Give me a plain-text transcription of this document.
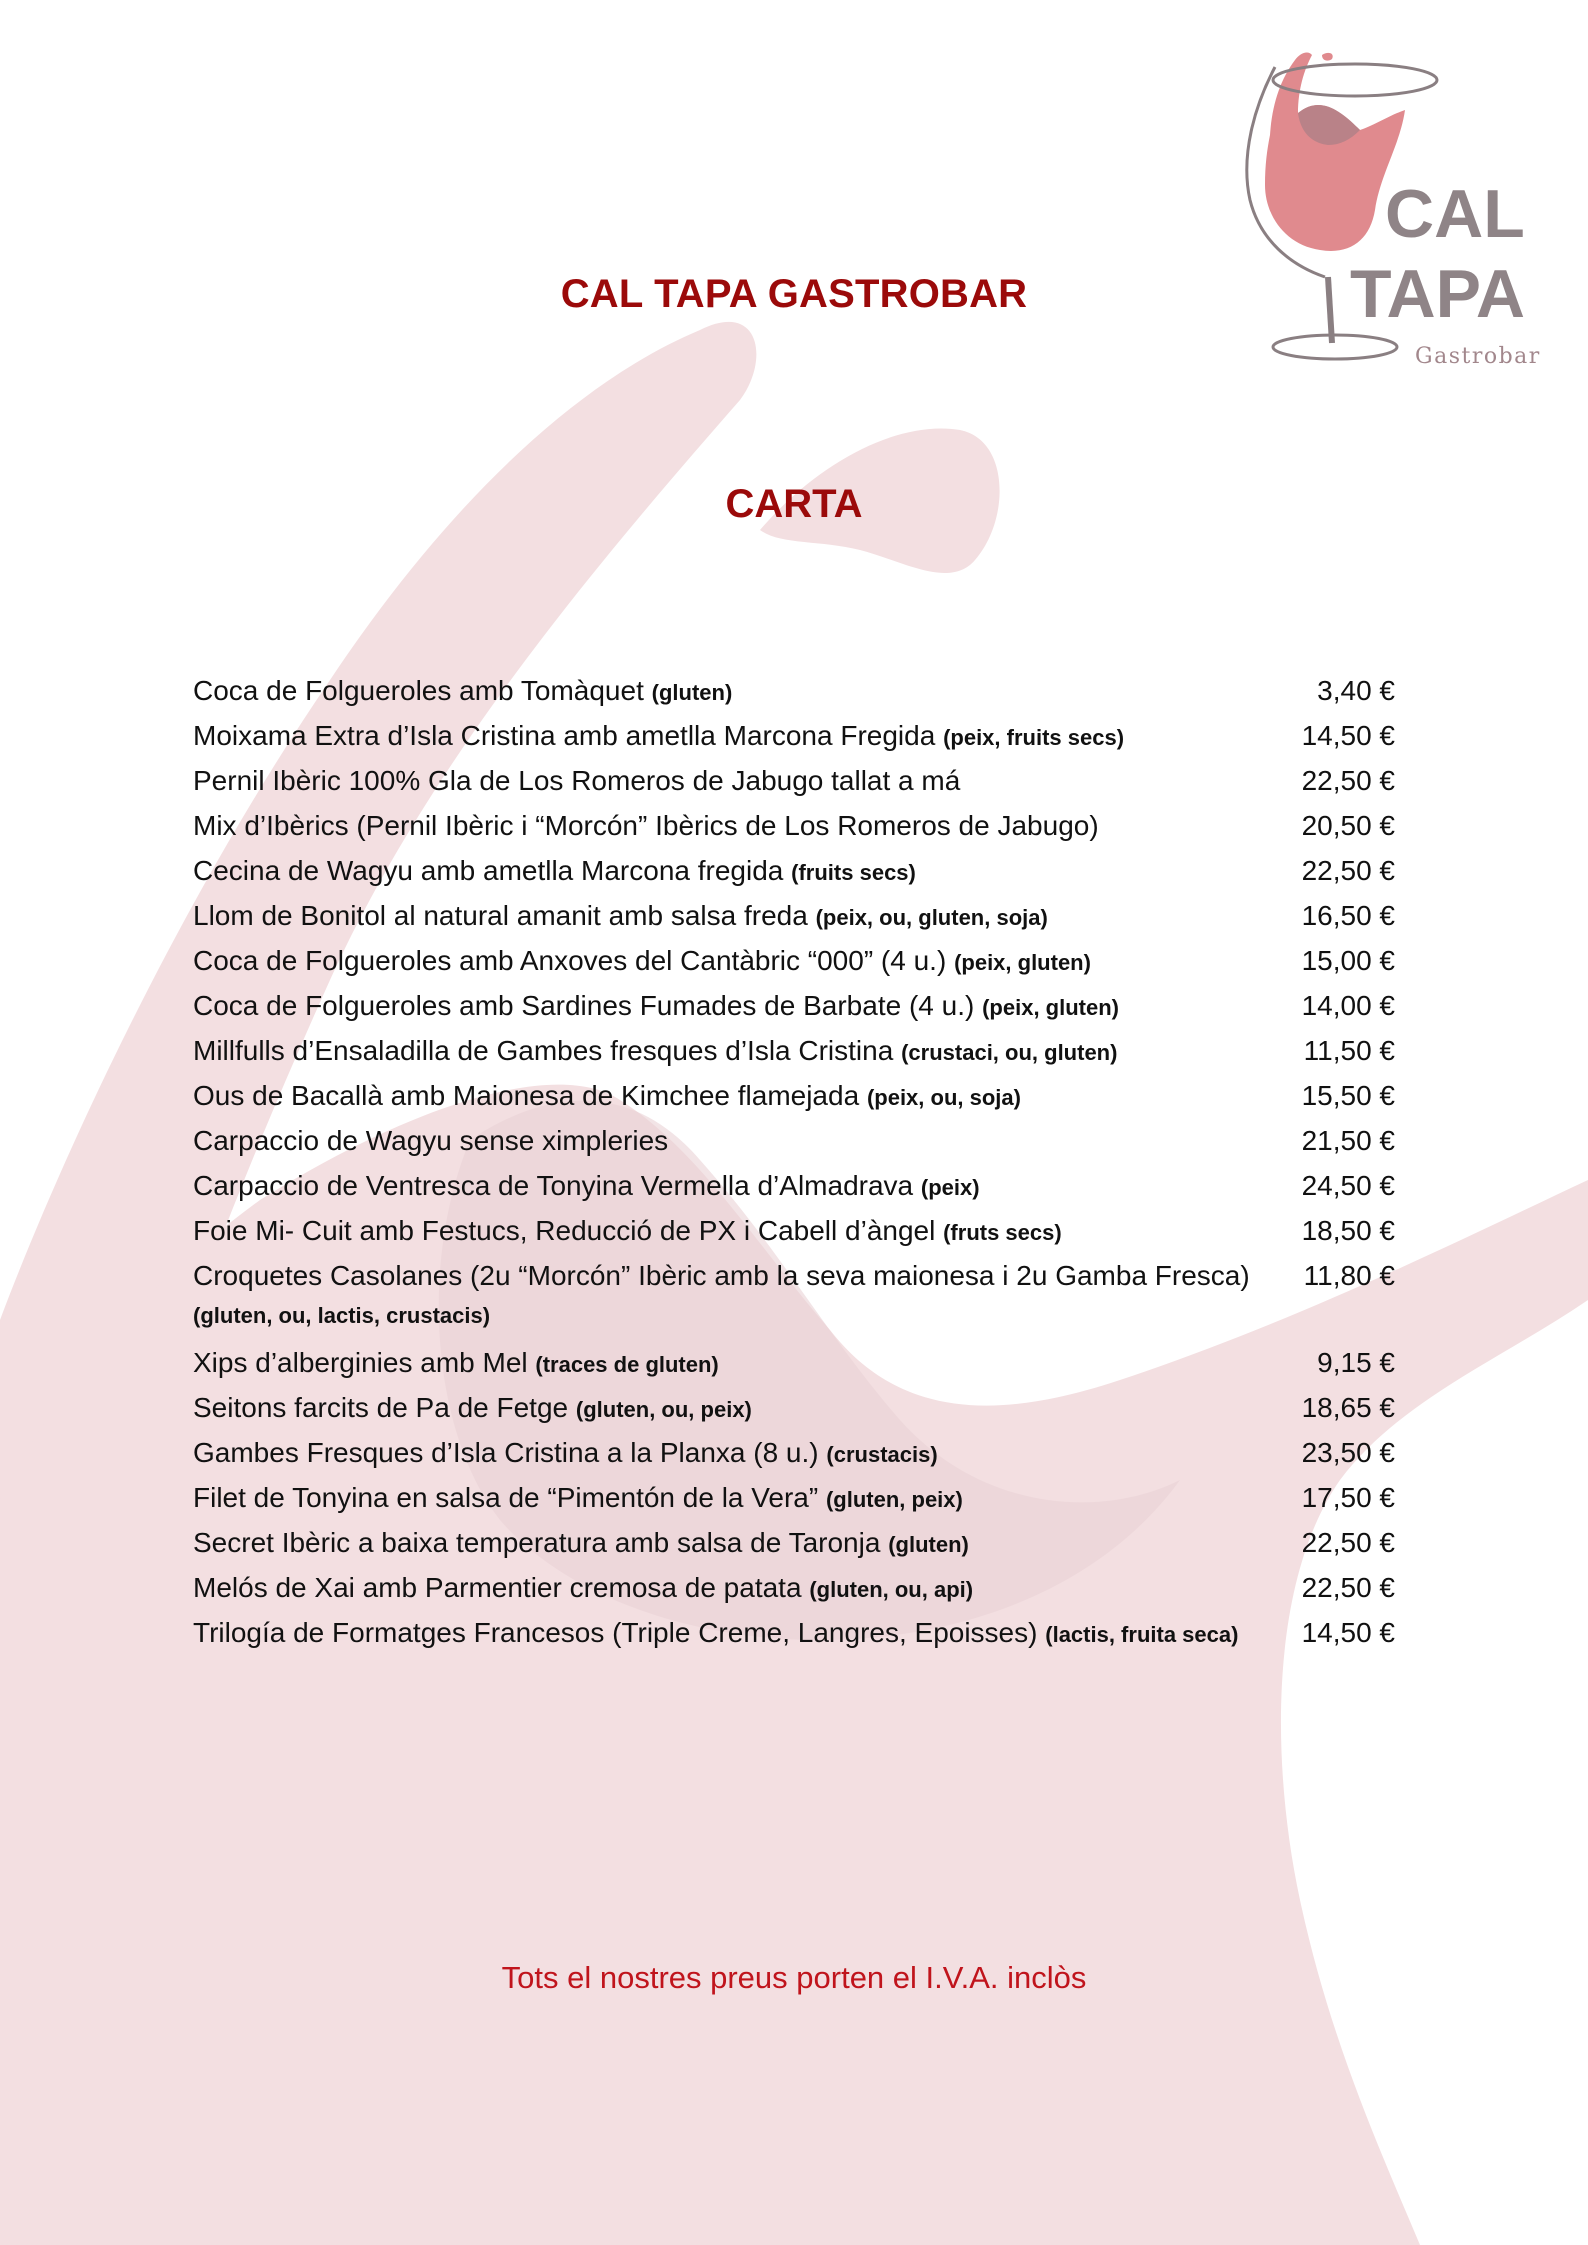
CAL
TAPA
Gastrobar
CAL TAPA GASTROBAR
CARTA
Coca de Folgueroles amb Tomàquet (gluten)	3,40 €
Moixama Extra d’Isla Cristina amb ametlla Marcona Fregida (peix, fruits secs)	14,50 €
Pernil Ibèric 100% Gla de Los Romeros de Jabugo tallat a má	22,50 €
Mix d’Ibèrics (Pernil Ibèric i “Morcón” Ibèrics de Los Romeros de Jabugo)	20,50 €
Cecina de Wagyu amb ametlla Marcona fregida (fruits secs)	22,50 €
Llom de Bonitol al natural amanit amb salsa freda (peix, ou, gluten, soja)	16,50 €
Coca de Folgueroles amb Anxoves del Cantàbric “000” (4 u.) (peix, gluten)	15,00 €
Coca de Folgueroles amb Sardines Fumades de Barbate (4 u.) (peix, gluten)	14,00 €
Millfulls d’Ensaladilla de Gambes fresques d’Isla Cristina (crustaci, ou, gluten)	11,50 €
Ous de Bacallà amb Maionesa de Kimchee flamejada (peix, ou, soja)	15,50 €
Carpaccio de Wagyu sense ximpleries	21,50 €
Carpaccio de Ventresca de Tonyina Vermella d’Almadrava (peix)	24,50 €
Foie Mi- Cuit amb Festucs, Reducció de PX i Cabell d’àngel (fruts secs)	18,50 €
Croquetes Casolanes (2u “Morcón” Ibèric amb la seva maionesa i 2u Gamba Fresca)	11,80 €
(gluten, ou, lactis, crustacis)
Xips d’alberginies amb Mel (traces de gluten)	9,15 €
Seitons farcits de Pa de Fetge (gluten, ou, peix)	18,65 €
Gambes Fresques d’Isla Cristina a la Planxa (8 u.) (crustacis)	23,50 €
Filet de Tonyina en salsa de “Pimentón de la Vera” (gluten, peix)	17,50 €
Secret Ibèric a baixa temperatura amb salsa de Taronja (gluten)	22,50 €
Melós de Xai amb Parmentier cremosa de patata (gluten, ou, api)	22,50 €
Trilogía de Formatges Francesos (Triple Creme, Langres, Epoisses) (lactis, fruita seca) 14,50 €
Tots el nostres preus porten el I.V.A. inclòs
